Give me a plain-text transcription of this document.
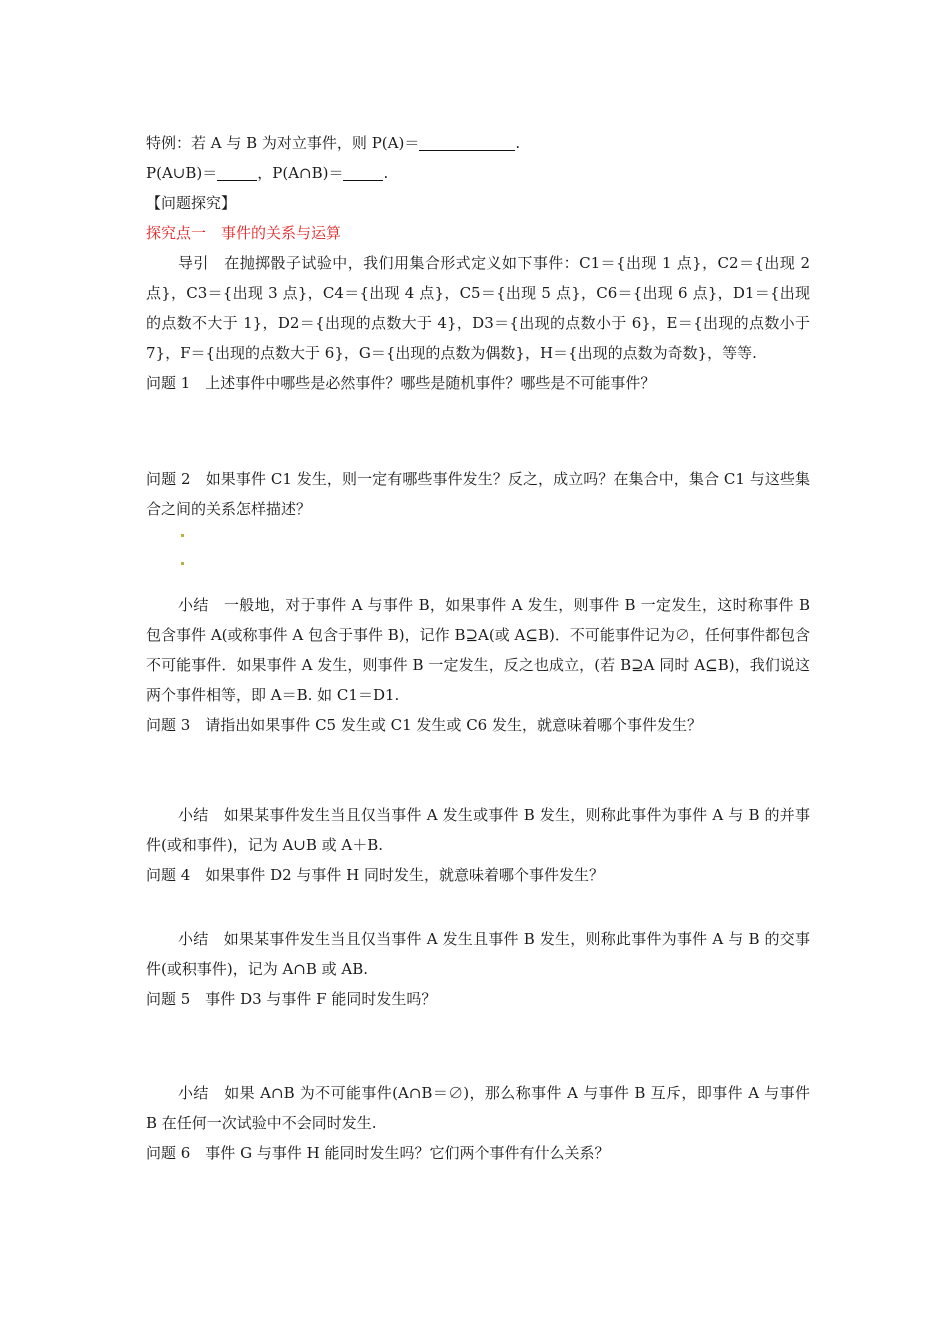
特例：若 A 与 B 为对立事件，则 P(A)＝	.
P(A∪B)＝	，P(A∩B)＝	.
【问题探究】
探究点一　事件的关系与运算
导引　在抛掷骰子试验中，我们用集合形式定义如下事件：C1＝{出现 1 点}，C2＝{出现 2 点}，C3＝{出现 3 点}，C4＝{出现 4 点}，C5＝{出现 5 点}，C6＝{出现 6 点}，D1＝{出现的点数不大于 1}，D2＝{出现的点数大于 4}，D3＝{出现的点数小于 6}，E＝{出现的点数小于 7}，F＝{出现的点数大于 6}，G＝{出现的点数为偶数}，H＝{出现的点数为奇数}，等等.
问题 1　上述事件中哪些是必然事件？哪些是随机事件？哪些是不可能事件？
问题 2　如果事件 C1 发生，则一定有哪些事件发生？反之，成立吗？在集合中，集合 C1 与这些集合之间的关系怎样描述？
小结　一般地，对于事件 A 与事件 B，如果事件 A 发生，则事件 B 一定发生，这时称事件 B 包含事件 A(或称事件 A 包含于事件 B)，记作 B⊇A(或 A⊆B)．不可能事件记为∅，任何事件都包含不可能事件．如果事件 A 发生，则事件 B 一定发生，反之也成立，(若 B⊇A 同时 A⊆B)，我们说这两个事件相等，即 A＝B. 如 C1＝D1.
问题 3　请指出如果事件 C5 发生或 C1 发生或 C6 发生，就意味着哪个事件发生？
小结　如果某事件发生当且仅当事件 A 发生或事件 B 发生，则称此事件为事件 A 与 B 的并事件(或和事件)，记为 A∪B 或 A＋B.
问题 4　如果事件 D2 与事件 H 同时发生，就意味着哪个事件发生？
小结　如果某事件发生当且仅当事件 A 发生且事件 B 发生，则称此事件为事件 A 与 B 的交事件(或积事件)，记为 A∩B 或 AB.
问题 5　事件 D3 与事件 F 能同时发生吗？
小结　如果 A∩B 为不可能事件(A∩B＝∅)，那么称事件 A 与事件 B 互斥，即事件 A 与事件 B 在任何一次试验中不会同时发生.
问题 6　事件 G 与事件 H 能同时发生吗？它们两个事件有什么关系？
